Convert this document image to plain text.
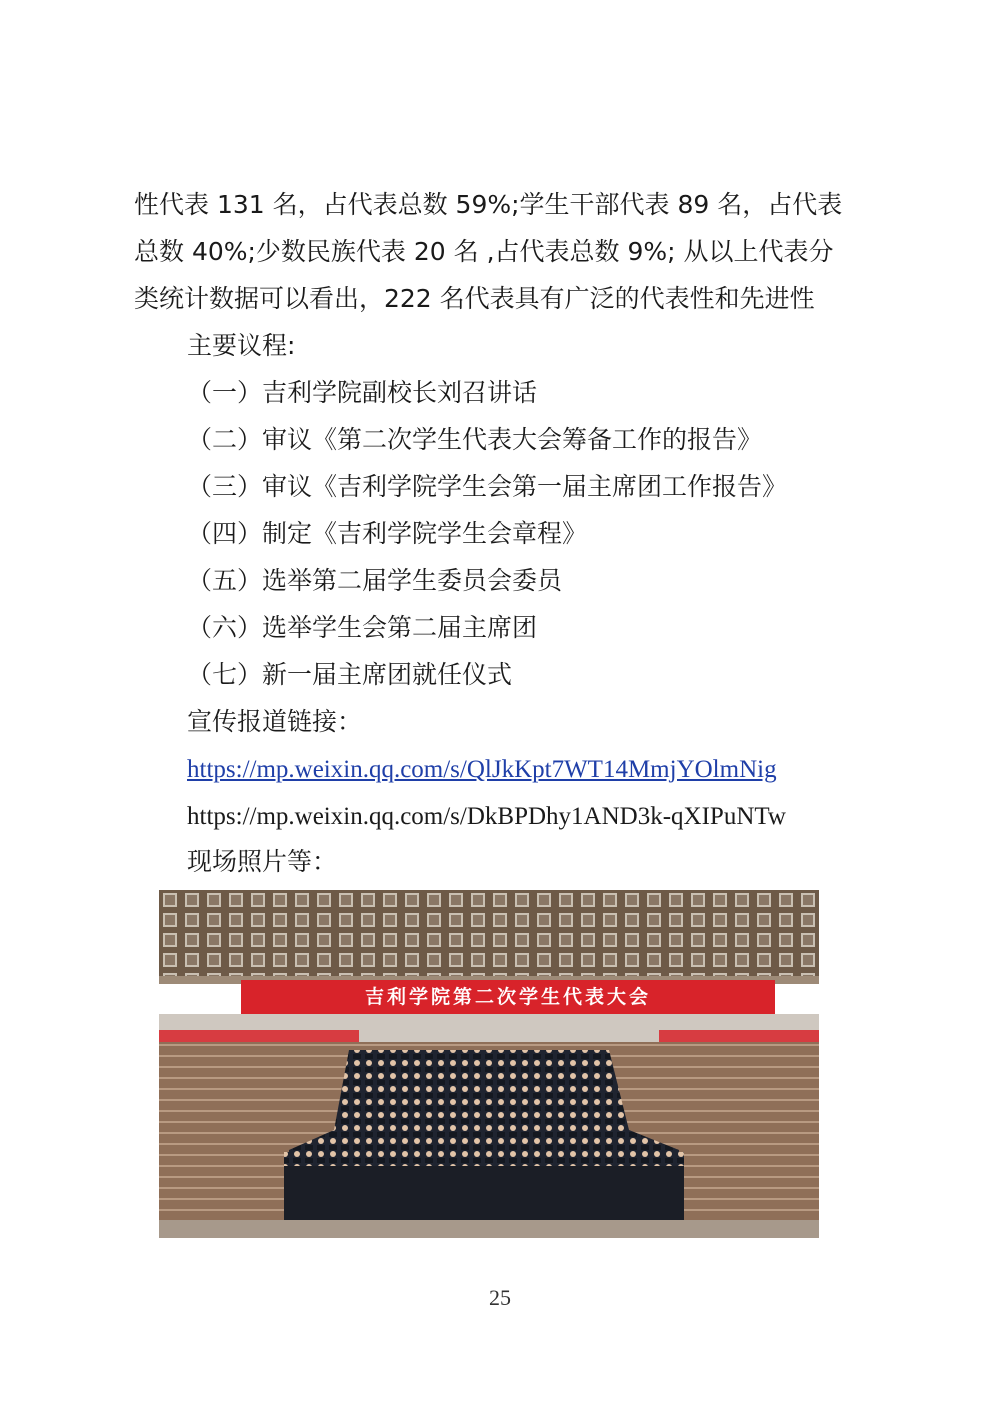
性代表 131 名，占代表总数 59%;学生干部代表 89 名，占代表
总数 40%;少数民族代表 20 名 ,占代表总数 9%; 从以上代表分
类统计数据可以看出，222 名代表具有广泛的代表性和先进性
主要议程:
（一）吉利学院副校长刘召讲话
（二）审议《第二次学生代表大会筹备工作的报告》
（三）审议《吉利学院学生会第一届主席团工作报告》
（四）制定《吉利学院学生会章程》
（五）选举第二届学生委员会委员
（六）选举学生会第二届主席团
（七）新一届主席团就任仪式
宣传报道链接：
https://mp.weixin.qq.com/s/QlJkKpt7WT14MmjYOlmNig
https://mp.weixin.qq.com/s/DkBPDhy1AND3k-qXIPuNTw
现场照片等：
吉利学院第二次学生代表大会
25
